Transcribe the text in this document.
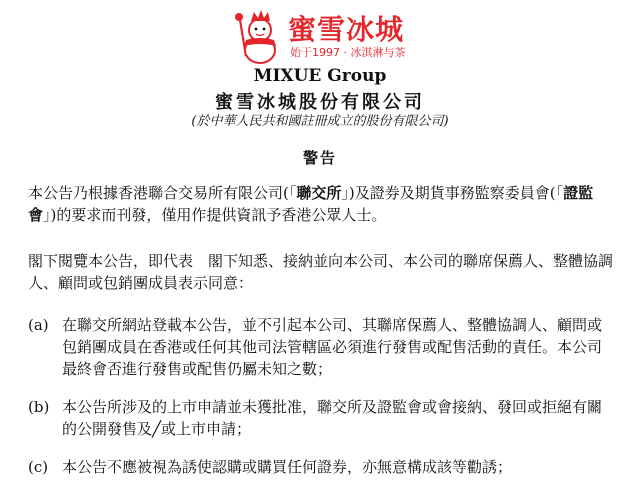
蜜雪冰城
始于1997 · 冰淇淋与茶
MIXUE Group
蜜雪冰城股份有限公司
(於中華人民共和國註冊成立的股份有限公司)
警告
本公告乃根據香港聯合交易所有限公司(「聯交所」)及證券及期貨事務監察委員會(「證監會」)的要求而刊發，僅用作提供資訊予香港公眾人士。
閣下閱覽本公告，即代表　閣下知悉、接納並向本公司、本公司的聯席保薦人、整體協調人、顧問或包銷團成員表示同意：
(a) 在聯交所網站登載本公告，並不引起本公司、其聯席保薦人、整體協調人、顧問或包銷團成員在香港或任何其他司法管轄區必須進行發售或配售活動的責任。本公司最終會否進行發售或配售仍屬未知之數；
(b) 本公告所涉及的上市申請並未獲批准，聯交所及證監會或會接納、發回或拒絕有關的公開發售及╱或上市申請；
(c) 本公告不應被視為誘使認購或購買任何證券，亦無意構成該等勸誘；
